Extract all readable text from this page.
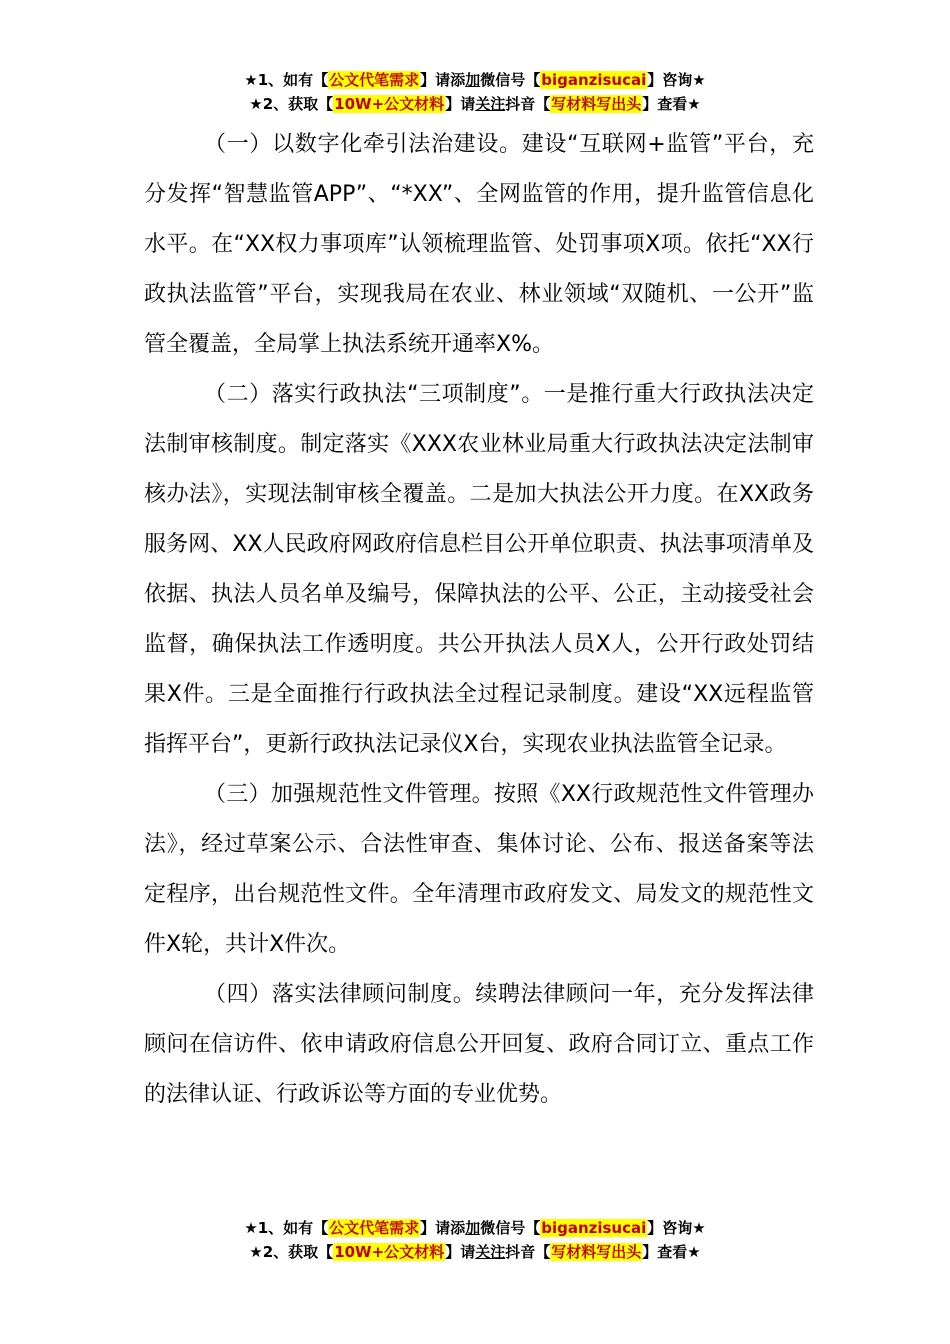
★1、如有【公文代笔需求】请添加微信号【biganzisucai】咨询★
★2、获取【10W+公文材料】请关注抖音【写材料写出头】查看★

（一）以数字化牵引法治建设。建设“互联网+监管”平台，充分发挥“智慧监管APP”、“*XX”、全网监管的作用，提升监管信息化水平。在“XX权力事项库”认领梳理监管、处罚事项X项。依托“XX行政执法监管”平台，实现我局在农业、林业领域“双随机、一公开”监管全覆盖，全局掌上执法系统开通率X%。

（二）落实行政执法“三项制度”。一是推行重大行政执法决定法制审核制度。制定落实《XXX农业林业局重大行政执法决定法制审核办法》，实现法制审核全覆盖。二是加大执法公开力度。在XX政务服务网、XX人民政府网政府信息栏目公开单位职责、执法事项清单及依据、执法人员名单及编号，保障执法的公平、公正，主动接受社会监督，确保执法工作透明度。共公开执法人员X人，公开行政处罚结果X件。三是全面推行行政执法全过程记录制度。建设“XX远程监管指挥平台”，更新行政执法记录仪X台，实现农业执法监管全记录。

（三）加强规范性文件管理。按照《XX行政规范性文件管理办法》，经过草案公示、合法性审查、集体讨论、公布、报送备案等法定程序，出台规范性文件。全年清理市政府发文、局发文的规范性文件X轮，共计X件次。

（四）落实法律顾问制度。续聘法律顾问一年，充分发挥法律顾问在信访件、依申请政府信息公开回复、政府合同订立、重点工作的法律认证、行政诉讼等方面的专业优势。

★1、如有【公文代笔需求】请添加微信号【biganzisucai】咨询★
★2、获取【10W+公文材料】请关注抖音【写材料写出头】查看★
